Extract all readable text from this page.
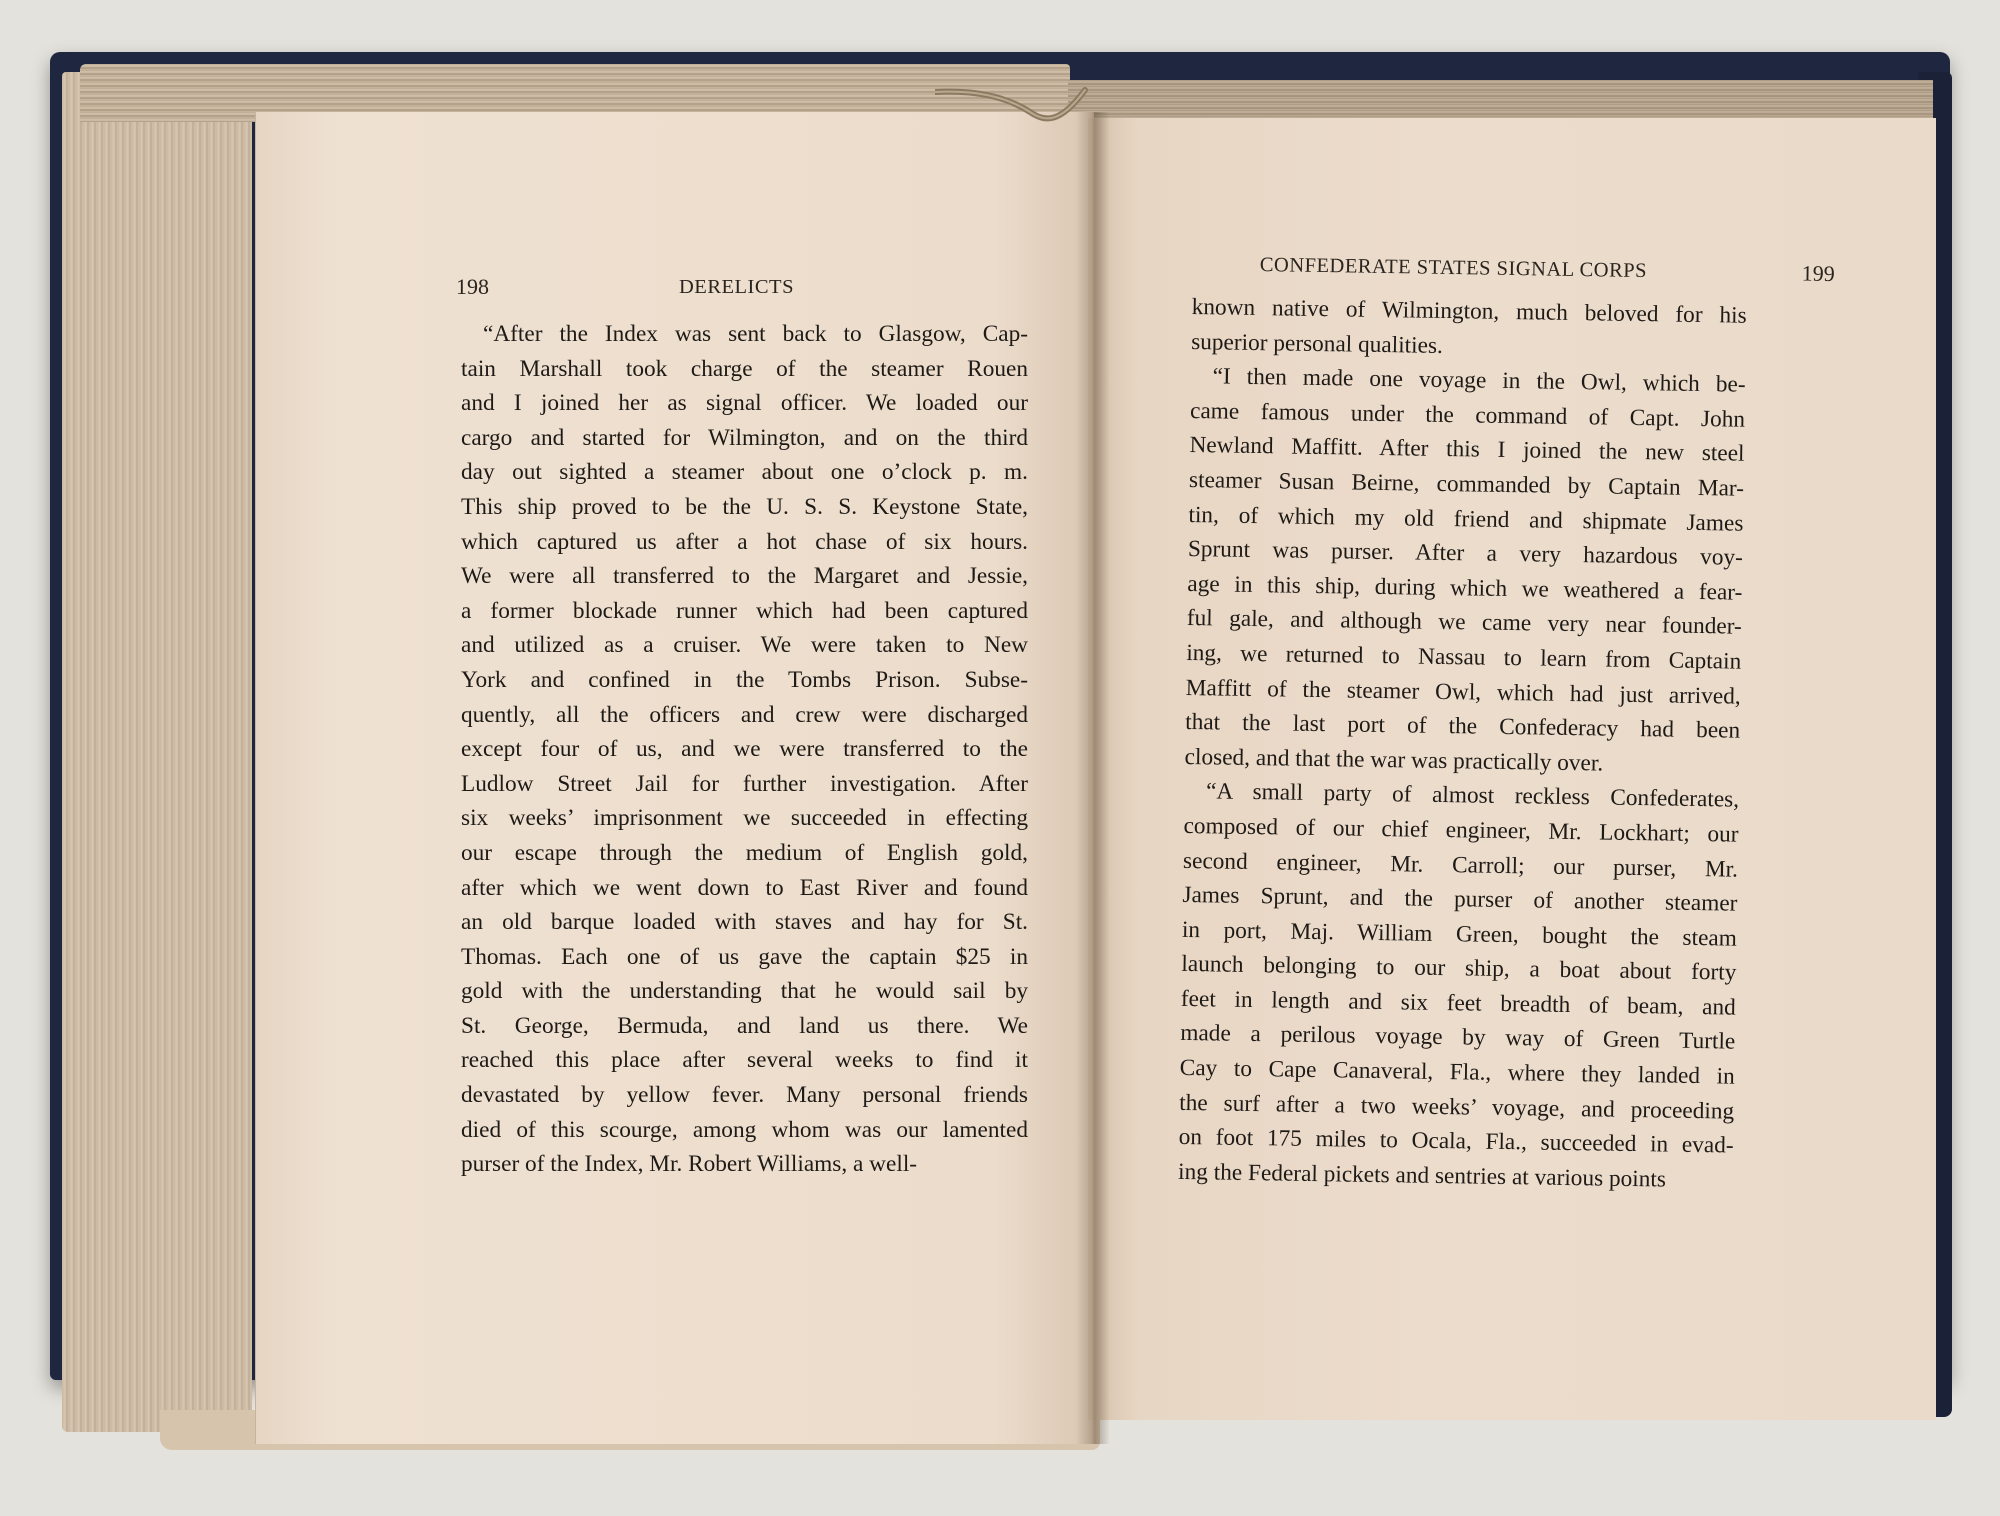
198	DERELICTS
“After the Index was sent back to Glasgow, Cap-
tain Marshall took charge of the steamer Rouen
and I joined her as signal officer. We loaded our
cargo and started for Wilmington, and on the third
day out sighted a steamer about one o’clock p. m.
This ship proved to be the U. S. S. Keystone State,
which captured us after a hot chase of six hours.
We were all transferred to the Margaret and Jessie,
a former blockade runner which had been captured
and utilized as a cruiser. We were taken to New
York and confined in the Tombs Prison. Subse-
quently, all the officers and crew were discharged
except four of us, and we were transferred to the
Ludlow Street Jail for further investigation. After
six weeks’ imprisonment we succeeded in effecting
our escape through the medium of English gold,
after which we went down to East River and found
an old barque loaded with staves and hay for St.
Thomas. Each one of us gave the captain $25 in
gold with the understanding that he would sail by
St. George, Bermuda, and land us there. We
reached this place after several weeks to find it
devastated by yellow fever. Many personal friends
died of this scourge, among whom was our lamented
purser of the Index, Mr. Robert Williams, a well-
CONFEDERATE STATES SIGNAL CORPS	199
known native of Wilmington, much beloved for his
superior personal qualities.
“I then made one voyage in the Owl, which be-
came famous under the command of Capt. John
Newland Maffitt. After this I joined the new steel
steamer Susan Beirne, commanded by Captain Mar-
tin, of which my old friend and shipmate James
Sprunt was purser. After a very hazardous voy-
age in this ship, during which we weathered a fear-
ful gale, and although we came very near founder-
ing, we returned to Nassau to learn from Captain
Maffitt of the steamer Owl, which had just arrived,
that the last port of the Confederacy had been
closed, and that the war was practically over.
“A small party of almost reckless Confederates,
composed of our chief engineer, Mr. Lockhart; our
second engineer, Mr. Carroll; our purser, Mr.
James Sprunt, and the purser of another steamer
in port, Maj. William Green, bought the steam
launch belonging to our ship, a boat about forty
feet in length and six feet breadth of beam, and
made a perilous voyage by way of Green Turtle
Cay to Cape Canaveral, Fla., where they landed in
the surf after a two weeks’ voyage, and proceeding
on foot 175 miles to Ocala, Fla., succeeded in evad-
ing the Federal pickets and sentries at various points
